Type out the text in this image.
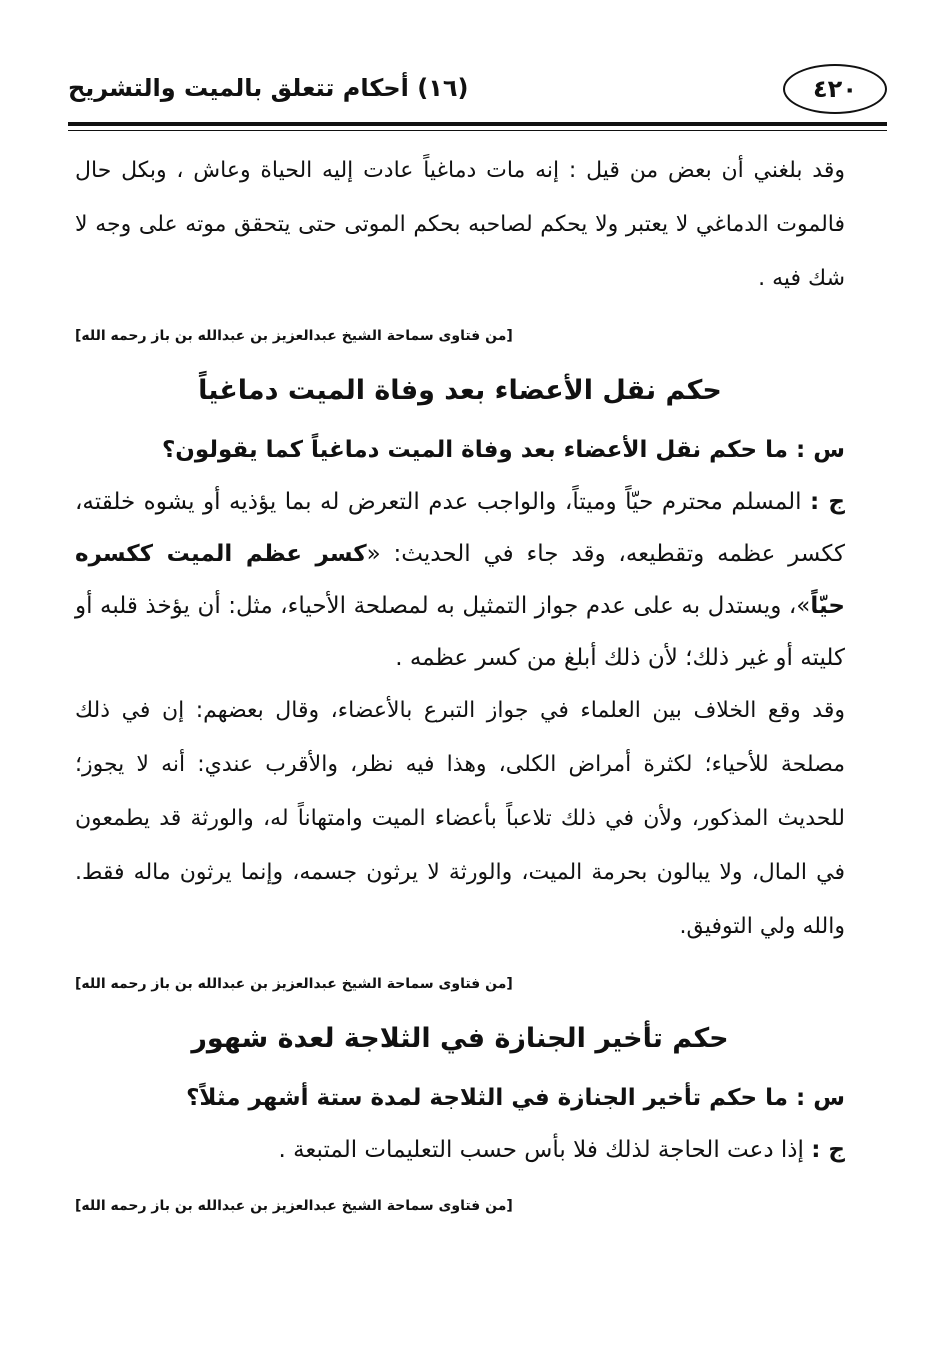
(١٦) أحكام تتعلق بالميت والتشريح	٤٢٠

وقد بلغني أن بعض من قيل : إنه مات دماغياً عادت إليه الحياة وعاش ، وبكل حال فالموت الدماغي لا يعتبر ولا يحكم لصاحبه بحكم الموتى حتى يتحقق موته على وجه لا شك فيه .

[من فتاوى سماحة الشيخ عبدالعزيز بن عبدالله بن باز رحمه الله]

حكم نقل الأعضاء بعد وفاة الميت دماغياً

س : ما حكم نقل الأعضاء بعد وفاة الميت دماغياً كما يقولون؟

ج : المسلم محترم حيّاً وميتاً، والواجب عدم التعرض له بما يؤذيه أو يشوه خلقته، ككسر عظمه وتقطيعه، وقد جاء في الحديث: «كسر عظم الميت ككسره حيّاً»، ويستدل به على عدم جواز التمثيل به لمصلحة الأحياء، مثل: أن يؤخذ قلبه أو كليته أو غير ذلك؛ لأن ذلك أبلغ من كسر عظمه .

وقد وقع الخلاف بين العلماء في جواز التبرع بالأعضاء، وقال بعضهم: إن في ذلك مصلحة للأحياء؛ لكثرة أمراض الكلى، وهذا فيه نظر، والأقرب عندي: أنه لا يجوز؛ للحديث المذكور، ولأن في ذلك تلاعباً بأعضاء الميت وامتهاناً له، والورثة قد يطمعون في المال، ولا يبالون بحرمة الميت، والورثة لا يرثون جسمه، وإنما يرثون ماله فقط. والله ولي التوفيق.

[من فتاوى سماحة الشيخ عبدالعزيز بن عبدالله بن باز رحمه الله]

حكم تأخير الجنازة في الثلاجة لعدة شهور

س : ما حكم تأخير الجنازة في الثلاجة لمدة ستة أشهر مثلاً؟

ج : إذا دعت الحاجة لذلك فلا بأس حسب التعليمات المتبعة .

[من فتاوى سماحة الشيخ عبدالعزيز بن عبدالله بن باز رحمه الله]
